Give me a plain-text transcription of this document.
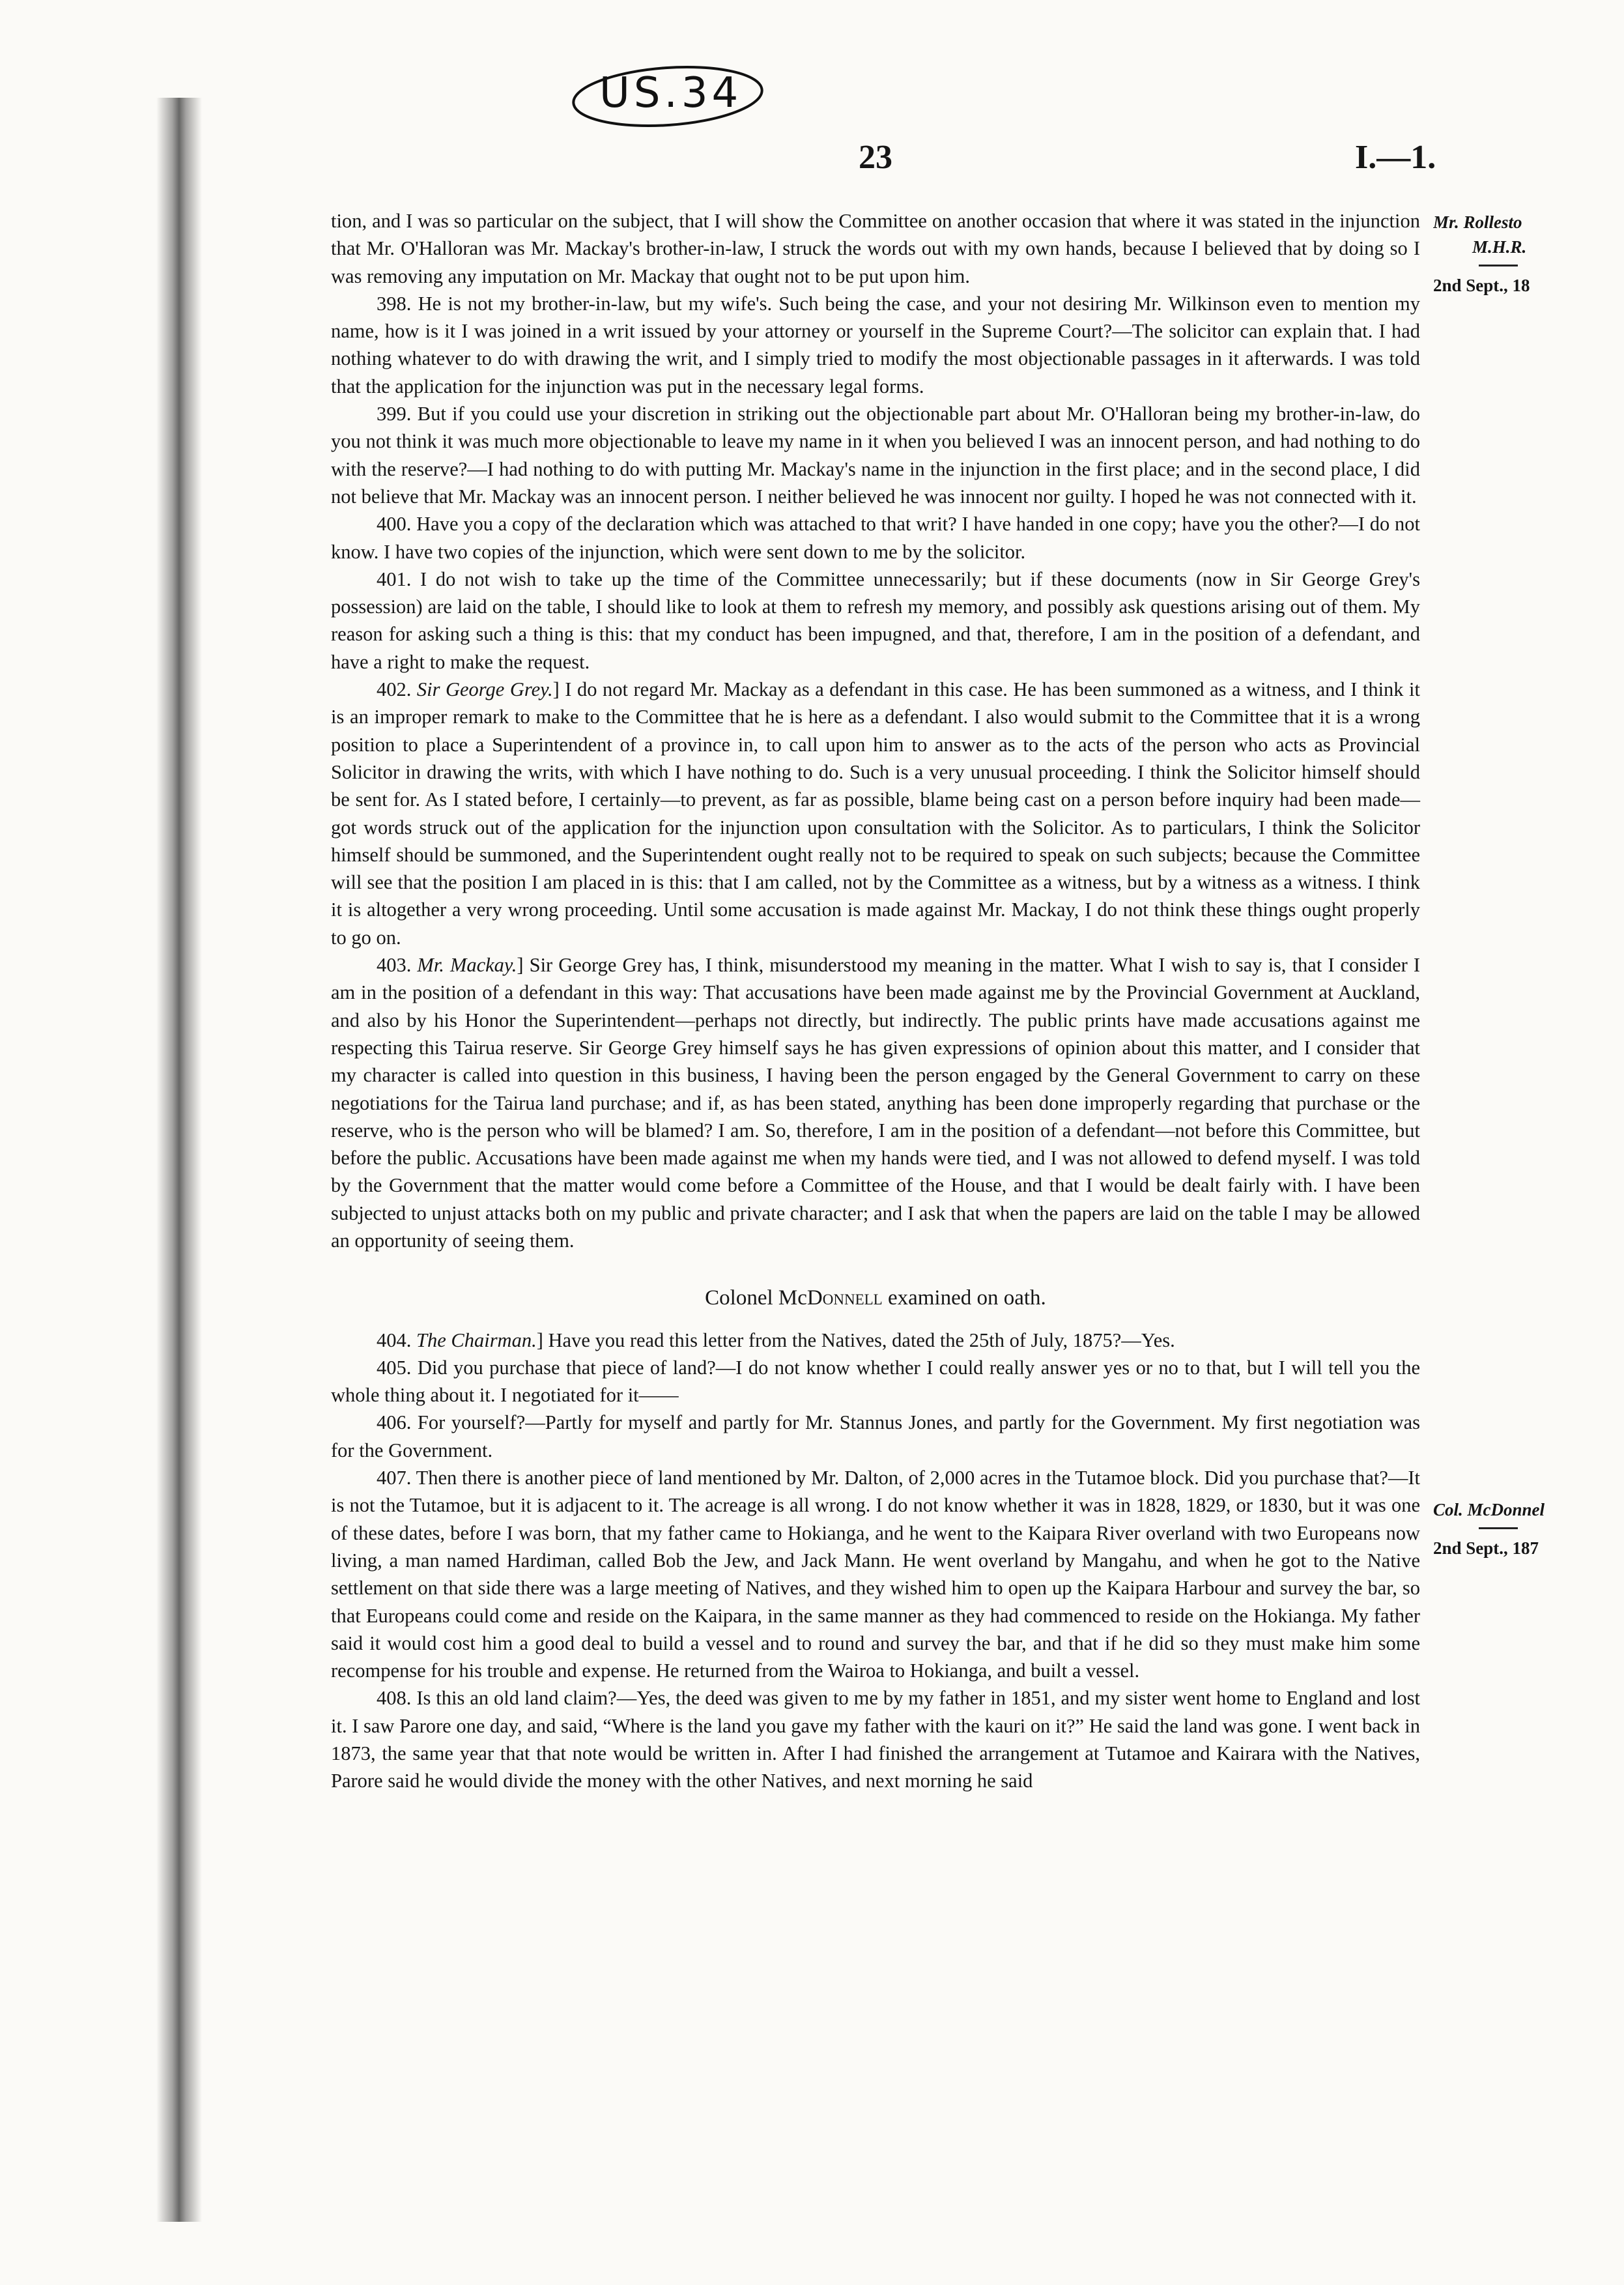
US.34
23	I.—1.
Mr. Rollesto
M.H.R.
2nd Sept., 18
Col. McDonnel
2nd Sept., 187

tion, and I was so particular on the subject, that I will show the Committee on another occasion that where it was stated in the injunction that Mr. O'Halloran was Mr. Mackay's brother-in-law, I struck the words out with my own hands, because I believed that by doing so I was removing any imputation on Mr. Mackay that ought not to be put upon him.

398. He is not my brother-in-law, but my wife's. Such being the case, and your not desiring Mr. Wilkinson even to mention my name, how is it I was joined in a writ issued by your attorney or yourself in the Supreme Court?—The solicitor can explain that. I had nothing whatever to do with drawing the writ, and I simply tried to modify the most objectionable passages in it afterwards. I was told that the application for the injunction was put in the necessary legal forms.

399. But if you could use your discretion in striking out the objectionable part about Mr. O'Halloran being my brother-in-law, do you not think it was much more objectionable to leave my name in it when you believed I was an innocent person, and had nothing to do with the reserve?—I had nothing to do with putting Mr. Mackay's name in the injunction in the first place; and in the second place, I did not believe that Mr. Mackay was an innocent person. I neither believed he was innocent nor guilty. I hoped he was not connected with it.

400. Have you a copy of the declaration which was attached to that writ? I have handed in one copy; have you the other?—I do not know. I have two copies of the injunction, which were sent down to me by the solicitor.

401. I do not wish to take up the time of the Committee unnecessarily; but if these documents (now in Sir George Grey's possession) are laid on the table, I should like to look at them to refresh my memory, and possibly ask questions arising out of them. My reason for asking such a thing is this: that my conduct has been impugned, and that, therefore, I am in the position of a defendant, and have a right to make the request.

402. Sir George Grey.] I do not regard Mr. Mackay as a defendant in this case. He has been summoned as a witness, and I think it is an improper remark to make to the Committee that he is here as a defendant. I also would submit to the Committee that it is a wrong position to place a Superintendent of a province in, to call upon him to answer as to the acts of the person who acts as Provincial Solicitor in drawing the writs, with which I have nothing to do. Such is a very unusual proceeding. I think the Solicitor himself should be sent for. As I stated before, I certainly—to prevent, as far as possible, blame being cast on a person before inquiry had been made—got words struck out of the application for the injunction upon consultation with the Solicitor. As to particulars, I think the Solicitor himself should be summoned, and the Superintendent ought really not to be required to speak on such subjects; because the Committee will see that the position I am placed in is this: that I am called, not by the Committee as a witness, but by a witness as a witness. I think it is altogether a very wrong proceeding. Until some accusation is made against Mr. Mackay, I do not think these things ought properly to go on.

403. Mr. Mackay.] Sir George Grey has, I think, misunderstood my meaning in the matter. What I wish to say is, that I consider I am in the position of a defendant in this way: That accusations have been made against me by the Provincial Government at Auckland, and also by his Honor the Superintendent—perhaps not directly, but indirectly. The public prints have made accusations against me respecting this Tairua reserve. Sir George Grey himself says he has given expressions of opinion about this matter, and I consider that my character is called into question in this business, I having been the person engaged by the General Government to carry on these negotiations for the Tairua land purchase; and if, as has been stated, anything has been done improperly regarding that purchase or the reserve, who is the person who will be blamed? I am. So, therefore, I am in the position of a defendant—not before this Committee, but before the public. Accusations have been made against me when my hands were tied, and I was not allowed to defend myself. I was told by the Government that the matter would come before a Committee of the House, and that I would be dealt fairly with. I have been subjected to unjust attacks both on my public and private character; and I ask that when the papers are laid on the table I may be allowed an opportunity of seeing them.

Colonel McDonnell examined on oath.

404. The Chairman.] Have you read this letter from the Natives, dated the 25th of July, 1875?—Yes.

405. Did you purchase that piece of land?—I do not know whether I could really answer yes or no to that, but I will tell you the whole thing about it. I negotiated for it——

406. For yourself?—Partly for myself and partly for Mr. Stannus Jones, and partly for the Government. My first negotiation was for the Government.

407. Then there is another piece of land mentioned by Mr. Dalton, of 2,000 acres in the Tutamoe block. Did you purchase that?—It is not the Tutamoe, but it is adjacent to it. The acreage is all wrong. I do not know whether it was in 1828, 1829, or 1830, but it was one of these dates, before I was born, that my father came to Hokianga, and he went to the Kaipara River overland with two Europeans now living, a man named Hardiman, called Bob the Jew, and Jack Mann. He went overland by Mangahu, and when he got to the Native settlement on that side there was a large meeting of Natives, and they wished him to open up the Kaipara Harbour and survey the bar, so that Europeans could come and reside on the Kaipara, in the same manner as they had commenced to reside on the Hokianga. My father said it would cost him a good deal to build a vessel and to round and survey the bar, and that if he did so they must make him some recompense for his trouble and expense. He returned from the Wairoa to Hokianga, and built a vessel.

408. Is this an old land claim?—Yes, the deed was given to me by my father in 1851, and my sister went home to England and lost it. I saw Parore one day, and said, “Where is the land you gave my father with the kauri on it?” He said the land was gone. I went back in 1873, the same year that that note would be written in. After I had finished the arrangement at Tutamoe and Kairara with the Natives, Parore said he would divide the money with the other Natives, and next morning he said
